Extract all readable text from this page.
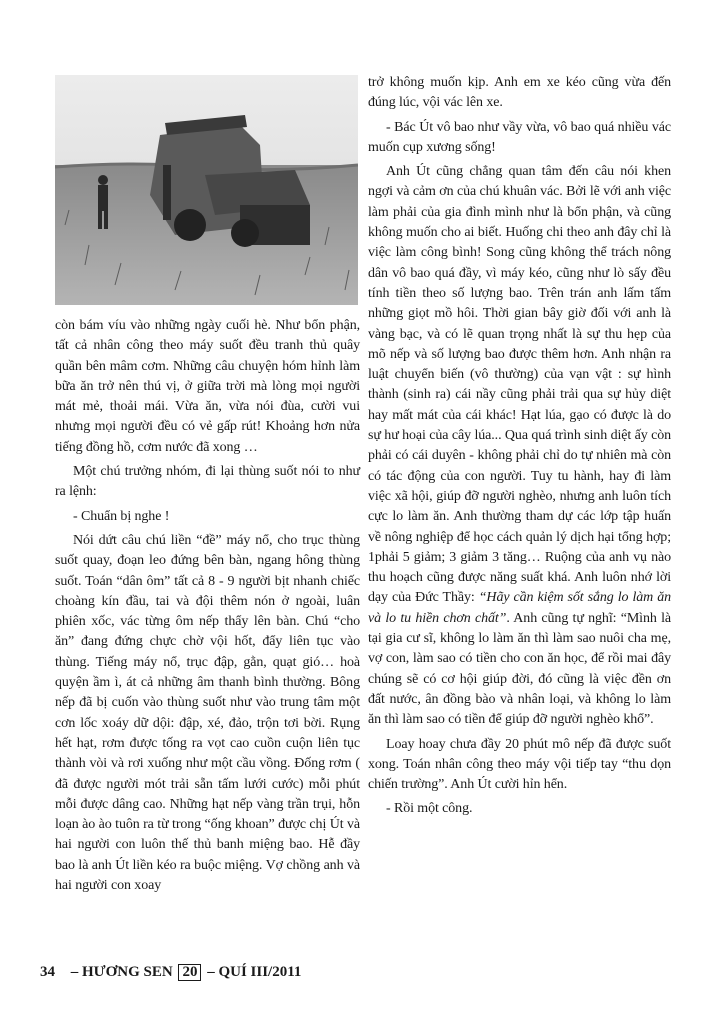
còn bám víu vào những ngày cuối hè. Như bổn phận, tất cả nhân công theo máy suốt đều tranh thủ quây quần bên mâm cơm. Những câu chuyện hóm hỉnh làm bữa ăn trở nên thú vị, ở giữa trời mà lòng mọi người mát mẻ, thoải mái. Vừa ăn, vừa nói đùa, cười vui nhưng mọi người đều có vẻ gấp rút! Khoảng hơn nửa tiếng đồng hồ, cơm nước đã xong …

Một chú trưởng nhóm, đi lại thùng suốt nói to như ra lệnh:

- Chuẩn bị nghe !

Nói dứt câu chú liền “đề” máy nổ, cho trục thùng suốt quay, đoạn leo đứng bên bàn, ngang hông thùng suốt. Toán “dân ôm” tất cả 8 - 9 người bịt nhanh chiếc choàng kín đầu, tai và đội thêm nón ở ngoài, luân phiên xốc, vác từng ôm nếp thẩy lên bàn. Chú “cho ăn” đang đứng chực chờ vội hốt, đẩy liên tục vào thùng. Tiếng máy nổ, trục đập, gằn, quạt gió… hoà quyện ầm ì, át cả những âm thanh bình thường. Bông nếp đã bị cuốn vào thùng suốt như vào trung tâm một cơn lốc xoáy dữ dội: đập, xé, đảo, trộn tơi bời. Rụng hết hạt, rơm được tống ra vọt cao cuồn cuộn liên tục thành vòi và rơi xuống như một cầu vồng. Đống rơm ( đã được người mót trải sẵn tấm lưới cước) mỗi phút mỗi được dâng cao. Những hạt nếp vàng trần trụi, hỗn loạn ào ào tuôn ra từ trong “ống khoan” được chị Út và hai người con luôn thế thủ banh miệng bao. Hễ đầy bao là anh Út liền kéo ra buộc miệng. Vợ chồng anh và hai người con xoay

trở không muốn kịp. Anh em xe kéo cũng vừa đến đúng lúc, vội vác lên xe.

- Bác Út vô bao như vầy vừa, vô bao quá nhiều vác muốn cụp xương sống!

Anh Út cũng chẳng quan tâm đến câu nói khen ngợi và cảm ơn của chú khuân vác. Bởi lẽ với anh việc làm phải của gia đình mình như là bổn phận, và cũng không muốn cho ai biết. Huống chi theo anh đây chỉ là việc làm công bình! Song cũng không thể trách nông dân vô bao quá đầy, vì máy kéo, cũng như lò sấy đều tính tiền theo số lượng bao. Trên trán anh lấm tấm những giọt mồ hôi. Thời gian bây giờ đối với anh là vàng bạc, và có lẽ quan trọng nhất là sự thu hẹp của mõ nếp và số lượng bao được thêm hơn. Anh nhận ra luật chuyển biến (vô thường) của vạn vật : sự hình thành (sinh ra) cái nầy cũng phải trải qua sự hủy diệt hay mất mát của cái khác! Hạt lúa, gạo có được là do sự hư hoại của cây lúa... Qua quá trình sinh diệt ấy còn phải có cái duyên - không phải chỉ do tự nhiên mà còn có tác động của con người. Tuy tu hành, hay đi làm việc xã hội, giúp đỡ người nghèo, nhưng anh luôn tích cực lo làm ăn. Anh thường tham dự các lớp tập huấn về nông nghiệp để học cách quản lý dịch hại tổng hợp; 1phải 5 giảm; 3 giảm 3 tăng… Ruộng của anh vụ nào thu hoạch cũng được năng suất khá. Anh luôn nhớ lời dạy của Đức Thầy: “Hãy cần kiệm sốt sắng lo làm ăn và lo tu hiền chơn chất”. Anh cũng tự nghĩ: “Mình là tại gia cư sĩ, không lo làm ăn thì làm sao nuôi cha mẹ, vợ con, làm sao có tiền cho con ăn học, để rồi mai đây chúng sẽ có cơ hội giúp đời, đó cũng là việc đền ơn đất nước, ân đồng bào và nhân loại, và không lo làm ăn thì làm sao có tiền để giúp đỡ người nghèo khổ”.

Loay hoay chưa đầy 20 phút mô nếp đã được suốt xong. Toán nhân công theo máy vội tiếp tay “thu dọn chiến trường”. Anh Út cười hỉn hển.

- Rồi một công.

34 – HƯƠNG SEN 20 – QUÍ III/2011
